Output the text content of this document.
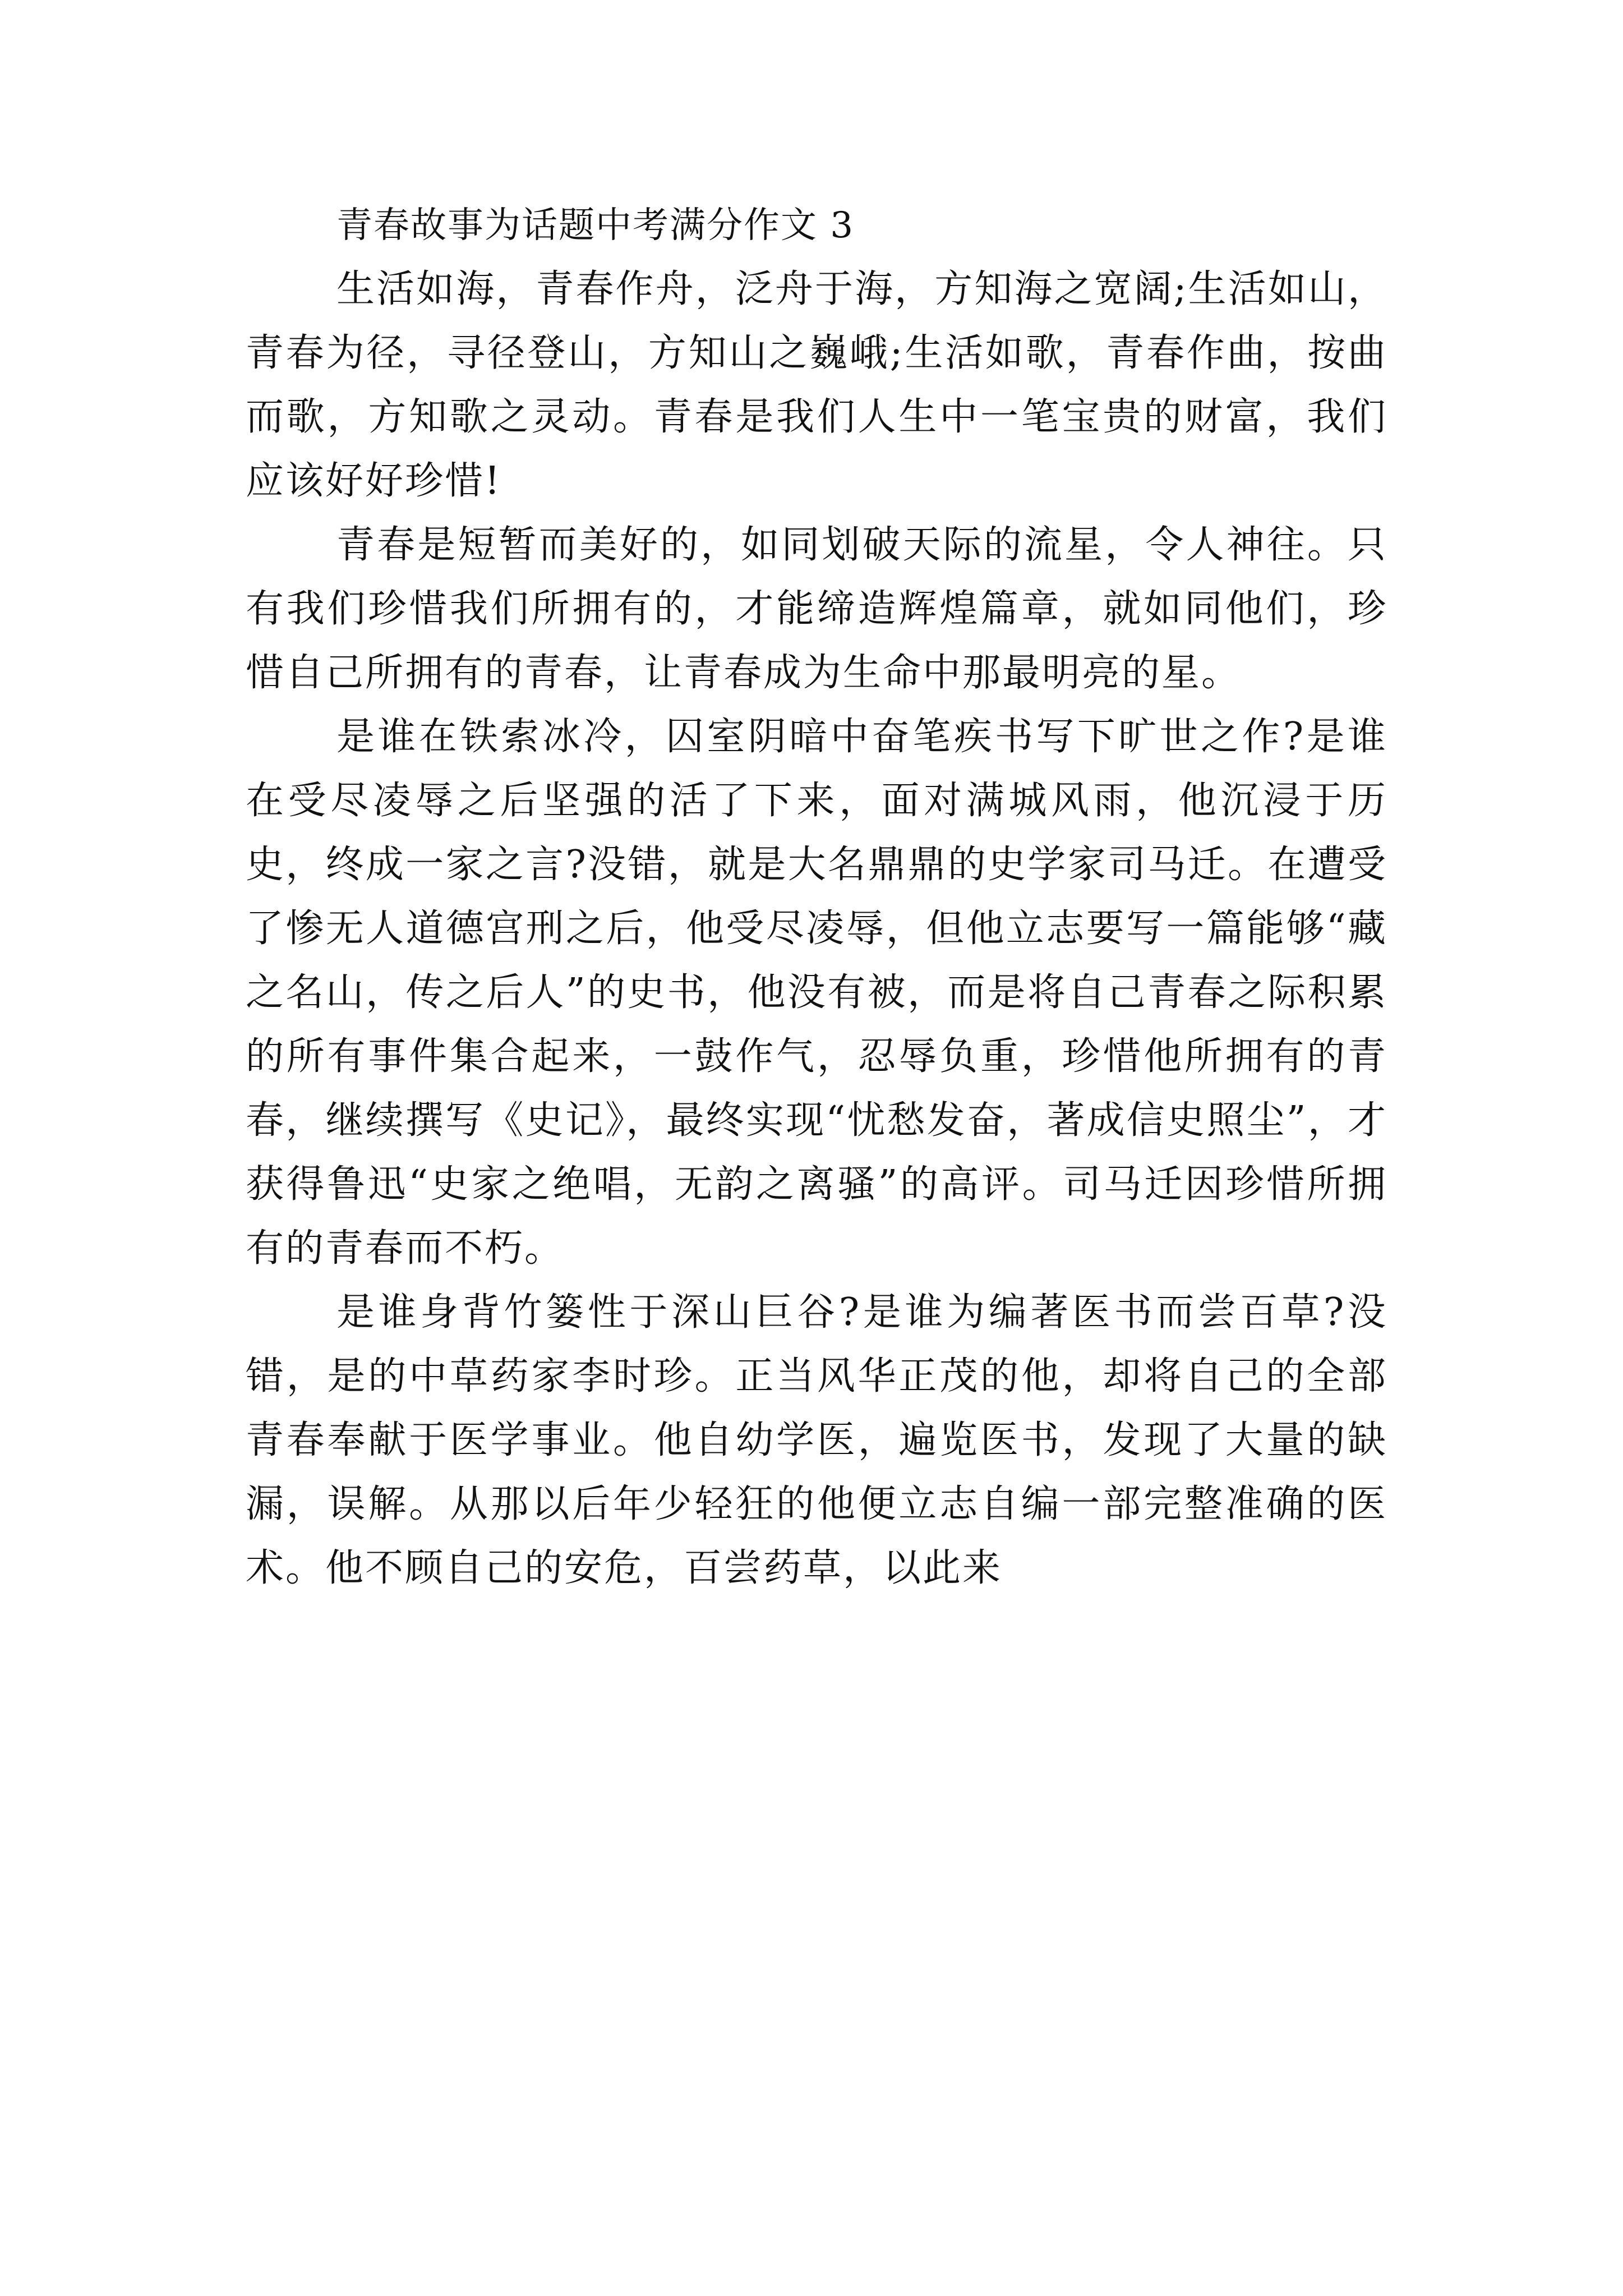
青春故事为话题中考满分作文 3

生活如海，青春作舟，泛舟于海，方知海之宽阔;生活如山，青春为径，寻径登山，方知山之巍峨;生活如歌，青春作曲，按曲而歌，方知歌之灵动。青春是我们人生中一笔宝贵的财富，我们应该好好珍惜!

青春是短暂而美好的，如同划破天际的流星，令人神往。只有我们珍惜我们所拥有的，才能缔造辉煌篇章，就如同他们，珍惜自己所拥有的青春，让青春成为生命中那最明亮的星。

是谁在铁索冰冷，囚室阴暗中奋笔疾书写下旷世之作?是谁在受尽凌辱之后坚强的活了下来，面对满城风雨，他沉浸于历史，终成一家之言?没错，就是大名鼎鼎的史学家司马迁。在遭受了惨无人道德宫刑之后，他受尽凌辱，但他立志要写一篇能够“藏之名山，传之后人”的史书，他没有被，而是将自己青春之际积累的所有事件集合起来，一鼓作气，忍辱负重，珍惜他所拥有的青春，继续撰写《史记》，最终实现“忧愁发奋，著成信史照尘”，才获得鲁迅“史家之绝唱，无韵之离骚”的高评。司马迁因珍惜所拥有的青春而不朽。

是谁身背竹篓性于深山巨谷?是谁为编著医书而尝百草?没错，是的中草药家李时珍。正当风华正茂的他，却将自己的全部青春奉献于医学事业。他自幼学医，遍览医书，发现了大量的缺漏，误解。从那以后年少轻狂的他便立志自编一部完整准确的医术。他不顾自己的安危，百尝药草，以此来
